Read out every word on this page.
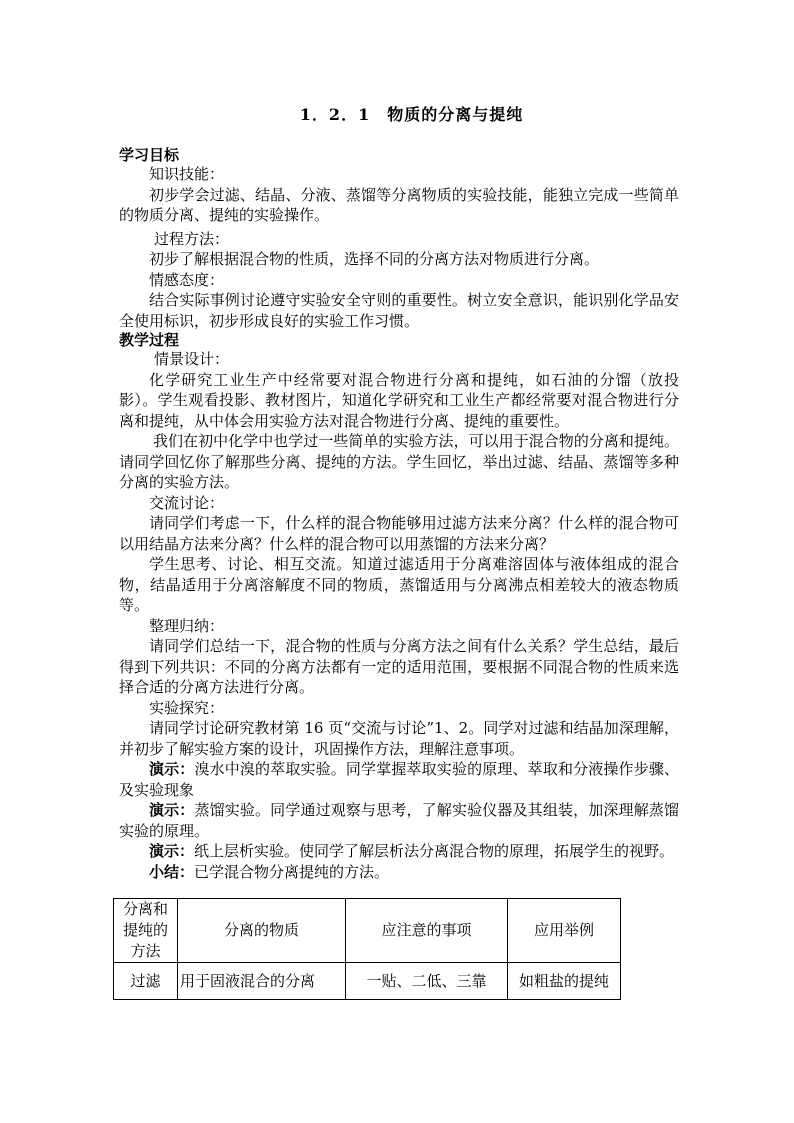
1．2．1　物质的分离与提纯
学习目标

知识技能：

初步学会过滤、结晶、分液、蒸馏等分离物质的实验技能，能独立完成一些简单的物质分离、提纯的实验操作。

过程方法：

初步了解根据混合物的性质，选择不同的分离方法对物质进行分离。

情感态度：

结合实际事例讨论遵守实验安全守则的重要性。树立安全意识，能识别化学品安全使用标识，初步形成良好的实验工作习惯。

教学过程

情景设计：

化学研究工业生产中经常要对混合物进行分离和提纯，如石油的分馏（放投影）。学生观看投影、教材图片，知道化学研究和工业生产都经常要对混合物进行分离和提纯，从中体会用实验方法对混合物进行分离、提纯的重要性。

我们在初中化学中也学过一些简单的实验方法，可以用于混合物的分离和提纯。请同学回忆你了解那些分离、提纯的方法。学生回忆，举出过滤、结晶、蒸馏等多种分离的实验方法。

交流讨论：

请同学们考虑一下，什么样的混合物能够用过滤方法来分离？什么样的混合物可以用结晶方法来分离？什么样的混合物可以用蒸馏的方法来分离？

学生思考、讨论、相互交流。知道过滤适用于分离难溶固体与液体组成的混合物，结晶适用于分离溶解度不同的物质，蒸馏适用与分离沸点相差较大的液态物质等。

整理归纳：

请同学们总结一下，混合物的性质与分离方法之间有什么关系？学生总结，最后得到下列共识：不同的分离方法都有一定的适用范围，要根据不同混合物的性质来选择合适的分离方法进行分离。

实验探究：

请同学讨论研究教材第 16 页“交流与讨论”1、2。同学对过滤和结晶加深理解，并初步了解实验方案的设计，巩固操作方法，理解注意事项。

演示：溴水中溴的萃取实验。同学掌握萃取实验的原理、萃取和分液操作步骤、及实验现象

演示：蒸馏实验。同学通过观察与思考，了解实验仪器及其组装，加深理解蒸馏实验的原理。

演示：纸上层析实验。使同学了解层析法分离混合物的原理，拓展学生的视野。

小结：已学混合物分离提纯的方法。

分离和提纯的方法	分离的物质	应注意的事项	应用举例
过滤	用于固液混合的分离	一贴、二低、三靠	如粗盐的提纯
